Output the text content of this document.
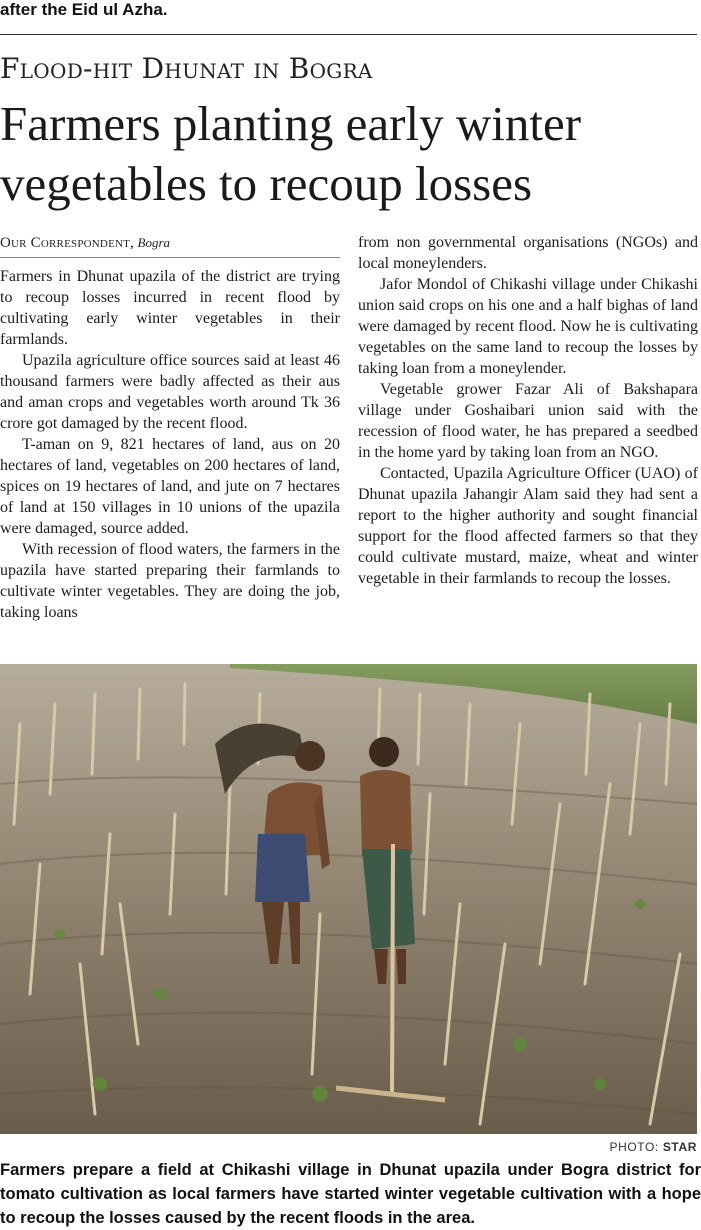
after the Eid ul Azha.
Flood-hit Dhunat in Bogra
Farmers planting early winter
vegetables to recoup losses
Our Correspondent, Bogra

Farmers in Dhunat upazila of the district are trying to recoup losses incurred in recent flood by cultivating early winter vegetables in their farmlands.

Upazila agriculture office sources said at least 46 thousand farmers were badly affected as their aus and aman crops and vegetables worth around Tk 36 crore got damaged by the recent flood.

T-aman on 9, 821 hectares of land, aus on 20 hectares of land, vegetables on 200 hectares of land, spices on 19 hectares of land, and jute on 7 hectares of land at 150 villages in 10 unions of the upazila were damaged, source added.

With recession of flood waters, the farmers in the upazila have started preparing their farmlands to cultivate winter vegetables. They are doing the job, taking loans

from non governmental organisations (NGOs) and local moneylenders.

Jafor Mondol of Chikashi village under Chikashi union said crops on his one and a half bighas of land were damaged by recent flood. Now he is cultivating vegetables on the same land to recoup the losses by taking loan from a moneylender.

Vegetable grower Fazar Ali of Bakshapara village under Goshaibari union said with the recession of flood water, he has prepared a seedbed in the home yard by taking loan from an NGO.

Contacted, Upazila Agriculture Officer (UAO) of Dhunat upazila Jahangir Alam said they had sent a report to the higher authority and sought financial support for the flood affected farmers so that they could cultivate mustard, maize, wheat and winter vegetable in their farmlands to recoup the losses.

PHOTO: STAR
Farmers prepare a field at Chikashi village in Dhunat upazila under Bogra district for tomato cultivation as local farmers have started winter vegetable cultivation with a hope to recoup the losses caused by the recent floods in the area.
